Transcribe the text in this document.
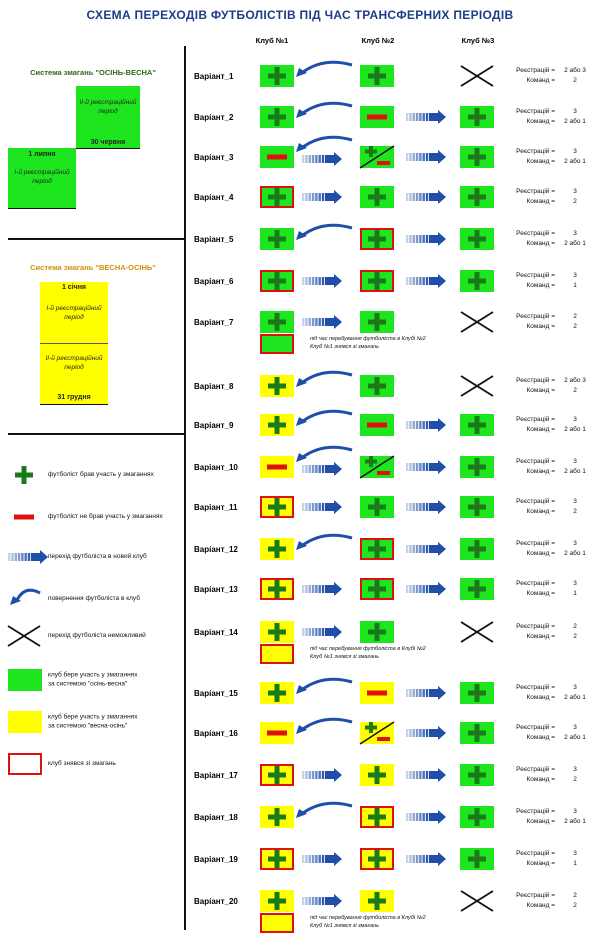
СХЕМА ПЕРЕХОДІВ ФУТБОЛІСТІВ ПІД ЧАС ТРАНСФЕРНИХ ПЕРІОДІВ
Система змагань "ОСІНЬ-ВЕСНА"
ІІ-й реєстраційний період
30 червня
1 липня
І-й реєстраційний період
Система змагань "ВЕСНА-ОСІНЬ"
1 січня
І-й реєстраційний період
ІІ-й реєстраційний період
31 грудня
футболіст брав участь у змаганнях
футболіст не брав участь у змаганнях
перехід футболіста в новий клуб
повернення футболіста в клуб
перехід футболіста неможливий
клуб бере участь у змаганнях
за системою "осінь-весна"
клуб бере участь у змаганнях
за системою "весна-осінь"
клуб знявся зі змагань
Клуб №1	Клуб №2	Клуб №3
Варіант_1
Реєстрацій = 2 або 3
Команд =	2
Варіант_2
Реєстрацій =	3
Команд = 2 або 1
Варіант_3
Реєстрацій =	3
Команд = 2 або 1
Варіант_4
Реєстрацій =	3
Команд =	2
Варіант_5
Реєстрацій =	3
Команд = 2 або 1
Варіант_6
Реєстрацій =	3
Команд =	1
Варіант_7
Реєстрацій =	2
Команд =	2
під час перебування футболіста в Клубі №2
Клуб №1 знявся зі змагань
Варіант_8
Реєстрацій = 2 або 3
Команд =	2
Варіант_9
Реєстрацій =	3
Команд = 2 або 1
Варіант_10
Реєстрацій =	3
Команд = 2 або 1
Варіант_11
Реєстрацій =	3
Команд =	2
Варіант_12
Реєстрацій =	3
Команд = 2 або 1
Варіант_13
Реєстрацій =	3
Команд =	1
Варіант_14
Реєстрацій =	2
Команд =	2
під час перебування футболіста в Клубі №2
Клуб №1 знявся зі змагань
Варіант_15
Реєстрацій =	3
Команд = 2 або 1
Варіант_16
Реєстрацій =	3
Команд = 2 або 1
Варіант_17
Реєстрацій =	3
Команд =	2
Варіант_18
Реєстрацій =	3
Команд = 2 або 1
Варіант_19
Реєстрацій =	3
Команд =	1
Варіант_20
Реєстрацій =	2
Команд =	2
під час перебування футболіста в Клубі №2
Клуб №1 знявся зі змагань
